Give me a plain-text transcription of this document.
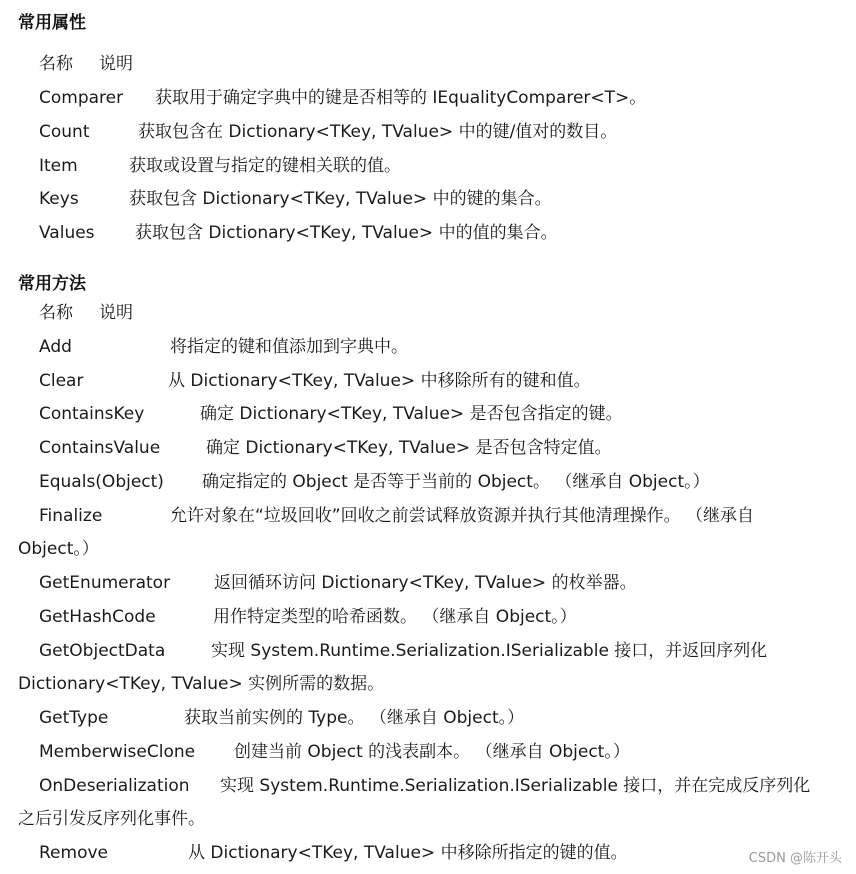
常用属性
名称 说明
Comparer 获取用于确定字典中的键是否相等的 IEqualityComparer<T>。
Count	获取包含在 Dictionary<TKey, TValue> 中的键/值对的数目。
Item	获取或设置与指定的键相关联的值。
Keys	获取包含 Dictionary<TKey, TValue> 中的键的集合。
Values 获取包含 Dictionary<TKey, TValue> 中的值的集合。
常用方法
名称 说明
Add	将指定的键和值添加到字典中。
Clear	从 Dictionary<TKey, TValue> 中移除所有的键和值。
ContainsKey	确定 Dictionary<TKey, TValue> 是否包含指定的键。
ContainsValue	确定 Dictionary<TKey, TValue> 是否包含特定值。
Equals(Object) 确定指定的 Object 是否等于当前的 Object。 （继承自 Object。）
Finalize	允许对象在“垃圾回收”回收之前尝试释放资源并执行其他清理操作。 （继承自
Object。）
GetEnumerator	返回循环访问 Dictionary<TKey, TValue> 的枚举器。
GetHashCode	用作特定类型的哈希函数。 （继承自 Object。）
GetObjectData	实现 System.Runtime.Serialization.ISerializable 接口，并返回序列化
Dictionary<TKey, TValue> 实例所需的数据。
GetType	获取当前实例的 Type。 （继承自 Object。）
MemberwiseClone 创建当前 Object 的浅表副本。 （继承自 Object。）
OnDeserialization 实现 System.Runtime.Serialization.ISerializable 接口，并在完成反序列化
之后引发反序列化事件。
Remove	从 Dictionary<TKey, TValue> 中移除所指定的键的值。	CSDN @陈开头
